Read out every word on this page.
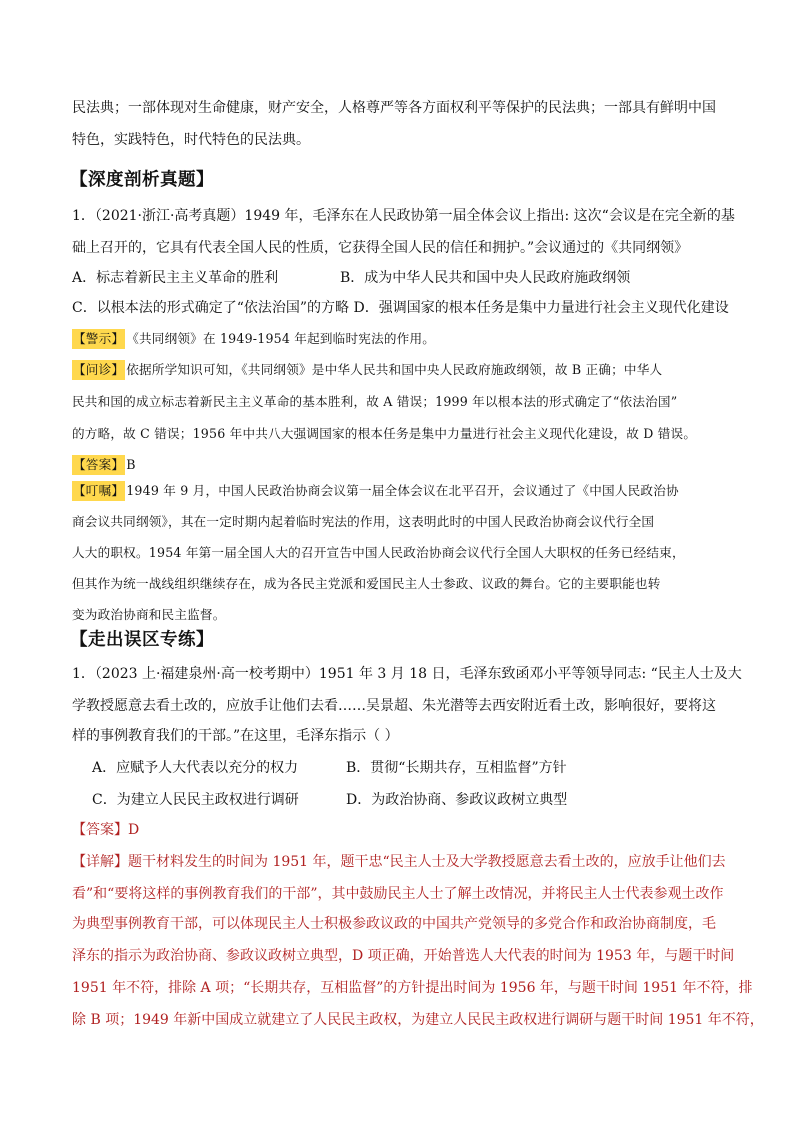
民法典；一部体现对生命健康，财产安全，人格尊严等各方面权利平等保护的民法典；一部具有鲜明中国
特色，实践特色，时代特色的民法典。
【深度剖析真题】
1．（2021·浙江·高考真题）1949 年，毛泽东在人民政协第一届全体会议上指出: 这次“会议是在完全新的基
础上召开的，它具有代表全国人民的性质，它获得全国人民的信任和拥护。”会议通过的《共同纲领》
A．标志着新民主主义革命的胜利	B．成为中华人民共和国中央人民政府施政纲领
C．以根本法的形式确定了“依法治国”的方略 D．强调国家的根本任务是集中力量进行社会主义现代化建设
【警示】 《共同纲领》在 1949-1954 年起到临时宪法的作用。
【问诊】 依据所学知识可知，《共同纲领》是中华人民共和国中央人民政府施政纲领，故 B 正确；中华人
民共和国的成立标志着新民主主义革命的基本胜利，故 A 错误；1999 年以根本法的形式确定了“依法治国”
的方略，故 C 错误；1956 年中共八大强调国家的根本任务是集中力量进行社会主义现代化建设，故 D 错误。
【答案】 B
【叮嘱】 1949 年 9 月，中国人民政治协商会议第一届全体会议在北平召开，会议通过了《中国人民政治协
商会议共同纲领》，其在一定时期内起着临时宪法的作用，这表明此时的中国人民政治协商会议代行全国
人大的职权。1954 年第一届全国人大的召开宣告中国人民政治协商会议代行全国人大职权的任务已经结束，
但其作为统一战线组织继续存在，成为各民主党派和爱国民主人士参政、议政的舞台。它的主要职能也转
变为政治协商和民主监督。
【走出误区专练】
1．（2023 上·福建泉州·高一校考期中）1951 年 3 月 18 日，毛泽东致函邓小平等领导同志: “民主人士及大
学教授愿意去看土改的，应放手让他们去看……吴景超、朱光潜等去西安附近看土改，影响很好，要将这
样的事例教育我们的干部。”在这里，毛泽东指示（ ）
A．应赋予人大代表以充分的权力	B．贯彻“长期共存，互相监督”方针
C．为建立人民民主政权进行调研	D．为政治协商、参政议政树立典型
【答案】D
【详解】题干材料发生的时间为 1951 年，题干忠“民主人士及大学教授愿意去看土改的，应放手让他们去
看”和“要将这样的事例教育我们的干部”，其中鼓励民主人士了解土改情况，并将民主人士代表参观土改作
为典型事例教育干部，可以体现民主人士积极参政议政的中国共产党领导的多党合作和政治协商制度，毛
泽东的指示为政治协商、参政议政树立典型，D 项正确，开始普选人大代表的时间为 1953 年，与题干时间
1951 年不符，排除 A 项；“长期共存，互相监督”的方针提出时间为 1956 年，与题干时间 1951 年不符，排
除 B 项；1949 年新中国成立就建立了人民民主政权，为建立人民民主政权进行调研与题干时间 1951 年不符，
